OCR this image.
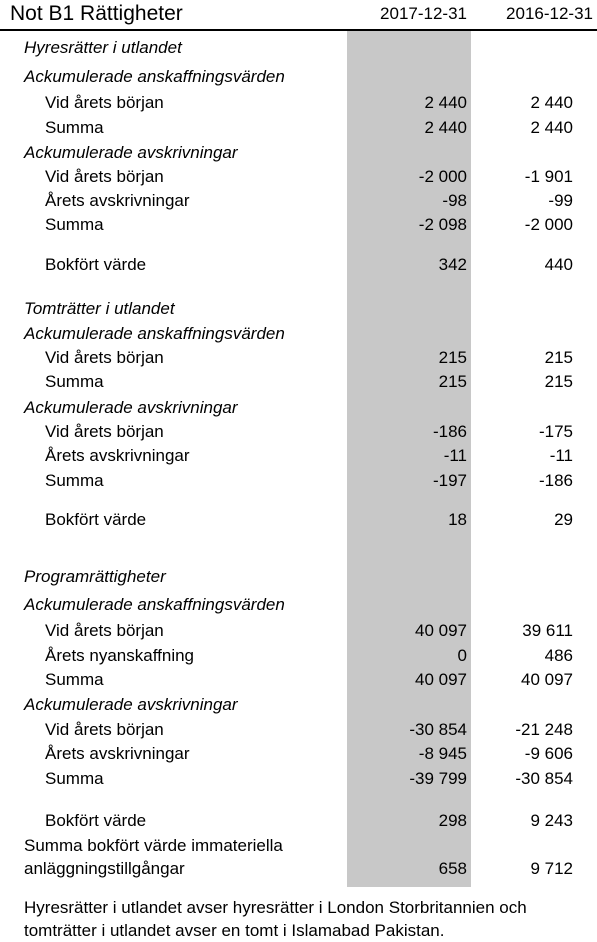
Not B1 Rättigheter	2017-12-31 2016-12-31
Hyresrätter i utlandet
Ackumulerade anskaffningsvärden
Vid årets början	2 440	2 440
Summa	2 440	2 440
Ackumulerade avskrivningar
Vid årets början	-2 000	-1 901
Årets avskrivningar	-98	-99
Summa	-2 098	-2 000
Bokfört värde	342	440
Tomträtter i utlandet
Ackumulerade anskaffningsvärden
Vid årets början	215	215
Summa	215	215
Ackumulerade avskrivningar
Vid årets början	-186	-175
Årets avskrivningar	-11	-11
Summa	-197	-186
Bokfört värde	18	29
Programrättigheter
Ackumulerade anskaffningsvärden
Vid årets början	40 097	39 611
Årets nyanskaffning	0	486
Summa	40 097	40 097
Ackumulerade avskrivningar
Vid årets början	-30 854	-21 248
Årets avskrivningar	-8 945	-9 606
Summa	-39 799	-30 854
Bokfört värde	298	9 243
Summa bokfört värde immateriella
anläggningstillgångar	658	9 712
Hyresrätter i utlandet avser hyresrätter i London Storbritannien och
tomträtter i utlandet avser en tomt i Islamabad Pakistan.
